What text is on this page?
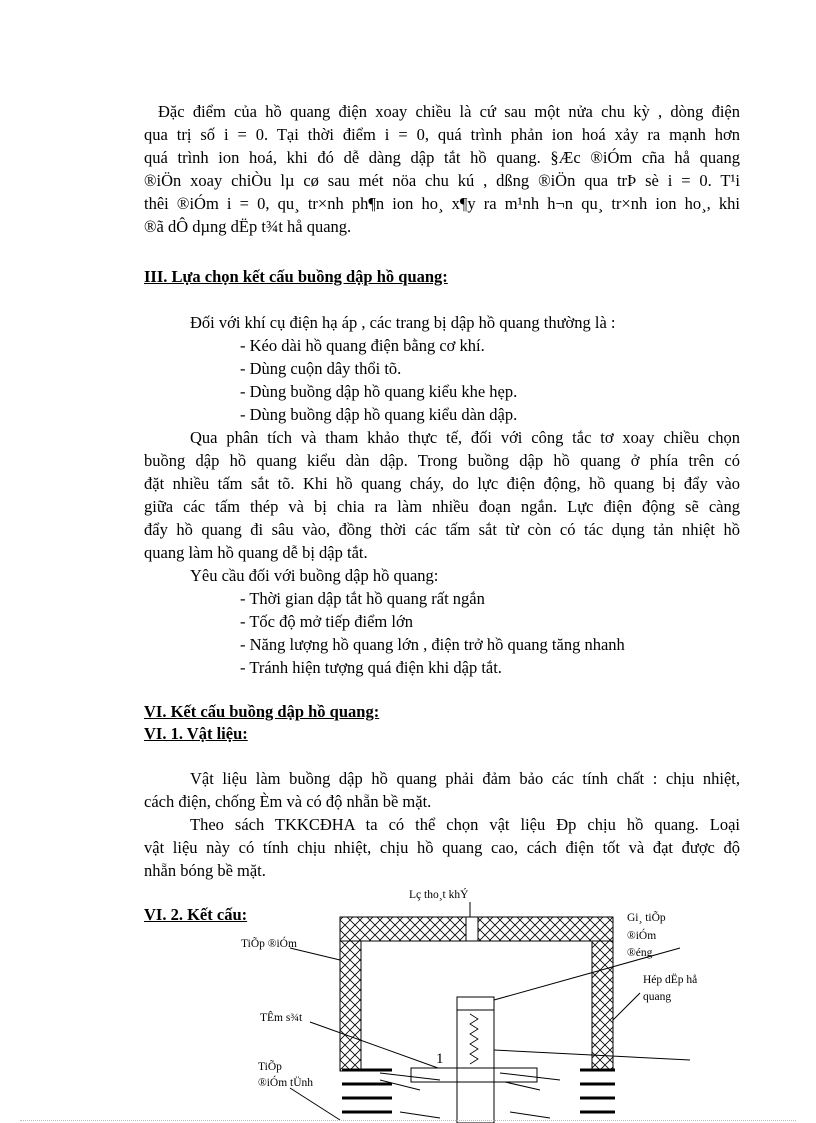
Đặc điểm của hồ quang điện xoay chiều là cứ sau một nửa chu kỳ , dòng điện
qua trị số i = 0. Tại thời điểm i = 0, quá trình phản ion hoá xảy ra mạnh hơn
quá trình ion hoá, khi đó dễ dàng dập tắt hồ quang. §Æc ®iÓm cña hå quang
®iÖn xoay chiÒu lµ cø sau mét nöa chu kú , dßng ®iÖn qua trÞ sè i = 0. T¹i
thêi ®iÓm i = 0, qu¸ tr×nh ph¶n ion ho¸ x¶y ra m¹nh h¬n qu¸ tr×nh ion ho¸, khi
®ã dÔ dµng dËp t¾t hå quang.
III. Lựa chọn kết cấu buồng dập hồ quang:
Đối với khí cụ điện hạ áp , các trang bị dập hồ quang thường là :
- Kéo dài hồ quang điện bằng cơ khí.
- Dùng cuộn dây thổi tõ.
- Dùng buồng dập hồ quang kiểu khe hẹp.
- Dùng buồng dập hồ quang kiểu dàn dập.
Qua phân tích và tham khảo thực tế, đối với công tắc tơ xoay chiều chọn
buồng dập hồ quang kiểu dàn dập. Trong buồng dập hồ quang ở phía trên có
đặt nhiều tấm sắt tõ. Khi hồ quang cháy, do lực điện động, hồ quang bị đẩy vào
giữa các tấm thép và bị chia ra làm nhiều đoạn ngắn. Lực điện động sẽ càng
đẩy hồ quang đi sâu vào, đồng thời các tấm sắt từ còn có tác dụng tản nhiệt hồ
quang làm hồ quang dễ bị dập tắt.
Yêu cầu đối với buồng dập hồ quang:
- Thời gian dập tắt hồ quang rất ngắn
- Tốc độ mở tiếp điểm lớn
- Năng lượng hồ quang lớn , điện trở hồ quang tăng nhanh
- Tránh hiện tượng quá điện khi dập tắt.
VI. Kết cấu buồng dập hồ quang:
VI. 1. Vật liệu:
Vật liệu làm buồng dập hồ quang phải đảm bảo các tính chất : chịu nhiệt,
cách điện, chống Èm và có độ nhẵn bề mặt.
Theo sách TKKCĐHA ta có thể chọn vật liệu Đp chịu hồ quang. Loại
vật liệu này có tính chịu nhiệt, chịu hồ quang cao, cách điện tốt và đạt được độ
nhẵn bóng bề mặt.
VI. 2. Kết cấu:
Lç tho¸t khÝ
Gi¸ tiÕp
®iÓm
®éng
TiÕp ®iÓm
Hép dËp hå
quang
TÊm s¾t
TiÕp
®iÓm tÜnh
1
